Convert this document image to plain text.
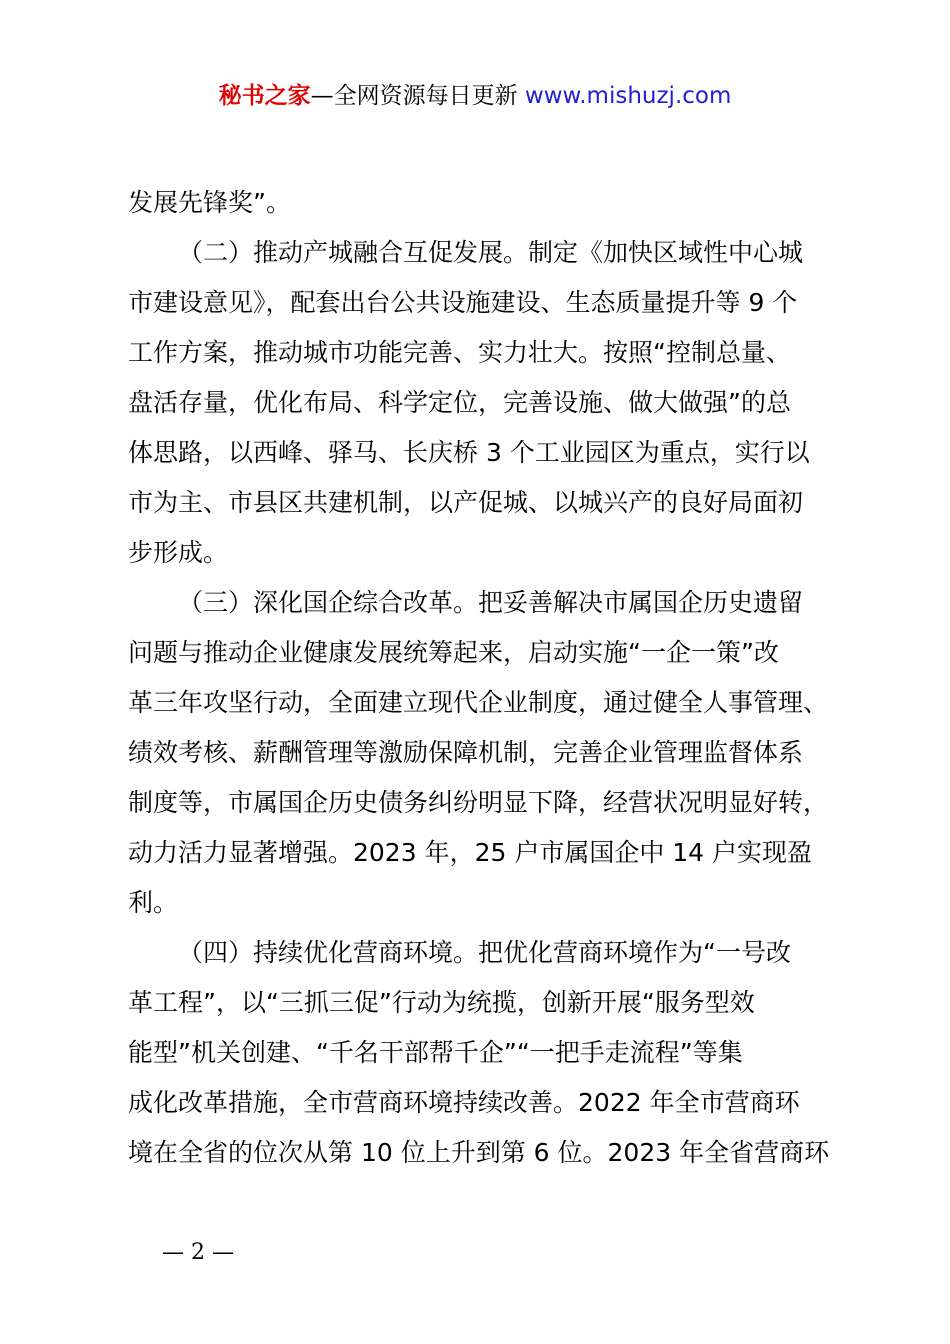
秘书之家—全网资源每日更新 www.mishuzj.com
发展先锋奖”。
（二）推动产城融合互促发展。制定《加快区域性中心城
市建设意见》，配套出台公共设施建设、生态质量提升等 9 个
工作方案，推动城市功能完善、实力壮大。按照“控制总量、
盘活存量，优化布局、科学定位，完善设施、做大做强”的总
体思路，以西峰、驿马、长庆桥 3 个工业园区为重点，实行以
市为主、市县区共建机制，以产促城、以城兴产的良好局面初
步形成。
（三）深化国企综合改革。把妥善解决市属国企历史遗留
问题与推动企业健康发展统筹起来，启动实施“一企一策”改
革三年攻坚行动，全面建立现代企业制度，通过健全人事管理、
绩效考核、薪酬管理等激励保障机制，完善企业管理监督体系
制度等，市属国企历史债务纠纷明显下降，经营状况明显好转，
动力活力显著增强。2023 年，25 户市属国企中 14 户实现盈
利。
（四）持续优化营商环境。把优化营商环境作为“一号改
革工程”，以“三抓三促”行动为统揽，创新开展“服务型效
能型”机关创建、“千名干部帮千企”“一把手走流程”等集
成化改革措施，全市营商环境持续改善。2022 年全市营商环
境在全省的位次从第 10 位上升到第 6 位。2023 年全省营商环
— 2 —
